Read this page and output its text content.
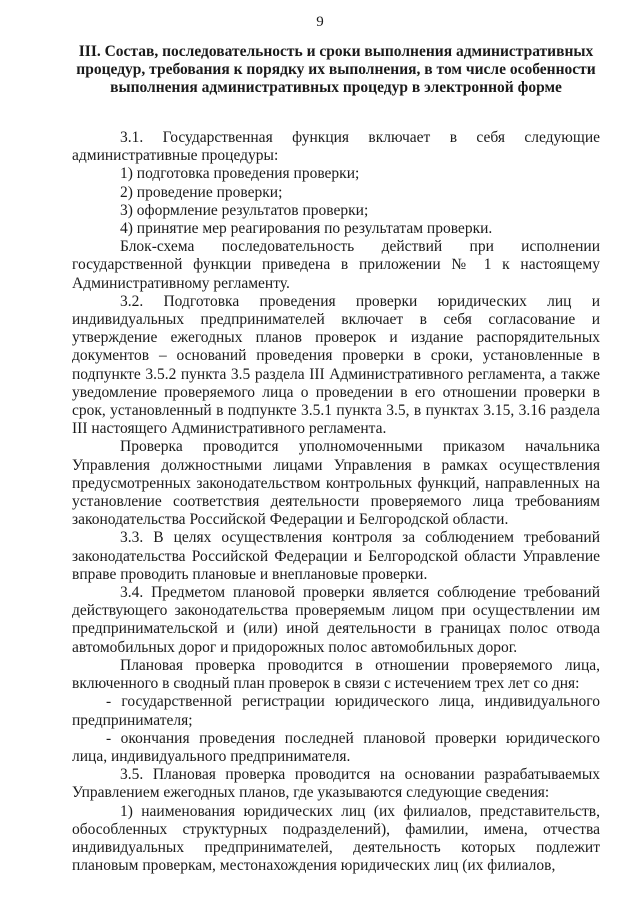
9
III. Состав, последовательность и сроки выполнения административных процедур, требования к порядку их выполнения, в том числе особенности выполнения административных процедур в электронной форме

3.1. Государственная функция включает в себя следующие административные процедуры:

1) подготовка проведения проверки;

2) проведение проверки;

3) оформление результатов проверки;

4) принятие мер реагирования по результатам проверки.

Блок-схема последовательность действий при исполнении государственной функции приведена в приложении № 1 к настоящему Административному регламенту.

3.2. Подготовка проведения проверки юридических лиц и индивидуальных предпринимателей включает в себя согласование и утверждение ежегодных планов проверок и издание распорядительных документов – оснований проведения проверки в сроки, установленные в подпункте 3.5.2 пункта 3.5 раздела III Административного регламента, а также уведомление проверяемого лица о проведении в его отношении проверки в срок, установленный в подпункте 3.5.1 пункта 3.5, в пунктах 3.15, 3.16 раздела III настоящего Административного регламента.

Проверка проводится уполномоченными приказом начальника Управления должностными лицами Управления в рамках осуществления предусмотренных законодательством контрольных функций, направленных на установление соответствия деятельности проверяемого лица требованиям законодательства Российской Федерации и Белгородской области.

3.3. В целях осуществления контроля за соблюдением требований законодательства Российской Федерации и Белгородской области Управление вправе проводить плановые и внеплановые проверки.

3.4. Предметом плановой проверки является соблюдение требований действующего законодательства проверяемым лицом при осуществлении им предпринимательской и (или) иной деятельности в границах полос отвода автомобильных дорог и придорожных полос автомобильных дорог.

Плановая проверка проводится в отношении проверяемого лица, включенного в сводный план проверок в связи с истечением трех лет со дня:

- государственной регистрации юридического лица, индивидуального предпринимателя;

- окончания проведения последней плановой проверки юридического лица, индивидуального предпринимателя.

3.5. Плановая проверка проводится на основании разрабатываемых Управлением ежегодных планов, где указываются следующие сведения:

1) наименования юридических лиц (их филиалов, представительств, обособленных структурных подразделений), фамилии, имена, отчества индивидуальных предпринимателей, деятельность которых подлежит плановым проверкам, местонахождения юридических лиц (их филиалов,
